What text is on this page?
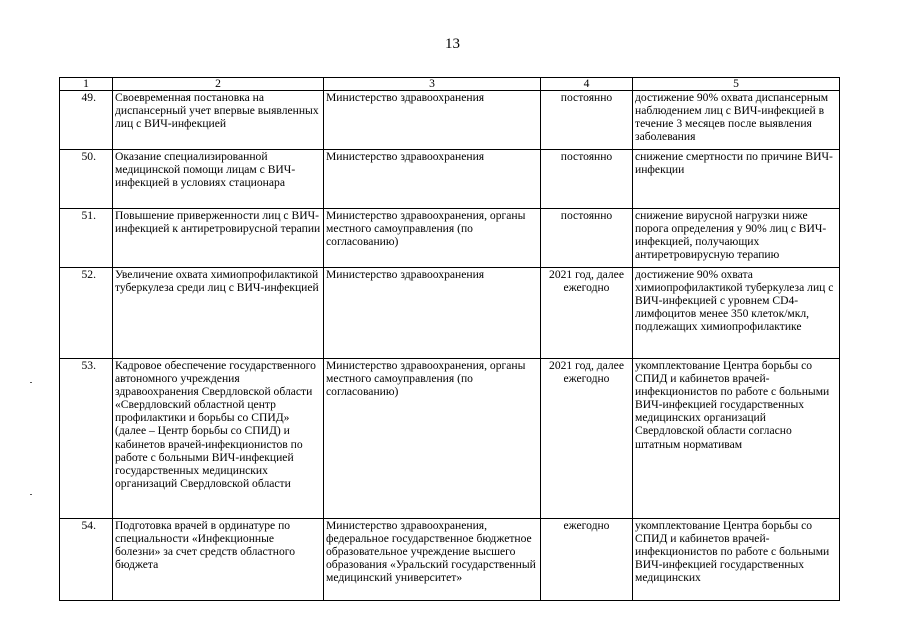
13
1	2	3	4	5
49.	Своевременная постановка на диспансерный учет впервые выявленных лиц с ВИЧ-инфекцией	Министерство здравоохранения	постоянно	достижение 90% охвата диспансерным наблюдением лиц с ВИЧ-инфекцией в течение 3 месяцев после выявления заболевания
50.	Оказание специализированной медицинской помощи лицам с ВИЧ-инфекцией в условиях стационара	Министерство здравоохранения	постоянно	снижение смертности по причине ВИЧ-инфекции
51.	Повышение приверженности лиц с ВИЧ-инфекцией к антиретровирусной терапии	Министерство здравоохранения, органы местного самоуправления (по согласованию)	постоянно	снижение вирусной нагрузки ниже порога определения у 90% лиц с ВИЧ-инфекцией, получающих антиретровирусную терапию
52.	Увеличение охвата химиопрофилактикой туберкулеза среди лиц с ВИЧ-инфекцией	Министерство здравоохранения	2021 год, далее ежегодно	достижение 90% охвата химиопрофилактикой туберкулеза лиц с ВИЧ-инфекцией с уровнем CD4-лимфоцитов менее 350 клеток/мкл, подлежащих химиопрофилактике
53.	Кадровое обеспечение государственного автономного учреждения здравоохранения Свердловской области «Свердловский областной центр профилактики и борьбы со СПИД» (далее – Центр борьбы со СПИД) и кабинетов врачей-инфекционистов по работе с больными ВИЧ-инфекцией государственных медицинских организаций Свердловской области	Министерство здравоохранения, органы местного самоуправления (по согласованию)	2021 год, далее ежегодно	укомплектование Центра борьбы со СПИД и кабинетов врачей-инфекционистов по работе с больными ВИЧ-инфекцией государственных медицинских организаций Свердловской области согласно штатным нормативам
54.	Подготовка врачей в ординатуре по специальности «Инфекционные болезни» за счет средств областного бюджета	Министерство здравоохранения, федеральное государственное бюджетное образовательное учреждение высшего образования «Уральский государственный медицинский университет»	ежегодно	укомплектование Центра борьбы со СПИД и кабинетов врачей-инфекционистов по работе с больными ВИЧ-инфекцией государственных медицинских
